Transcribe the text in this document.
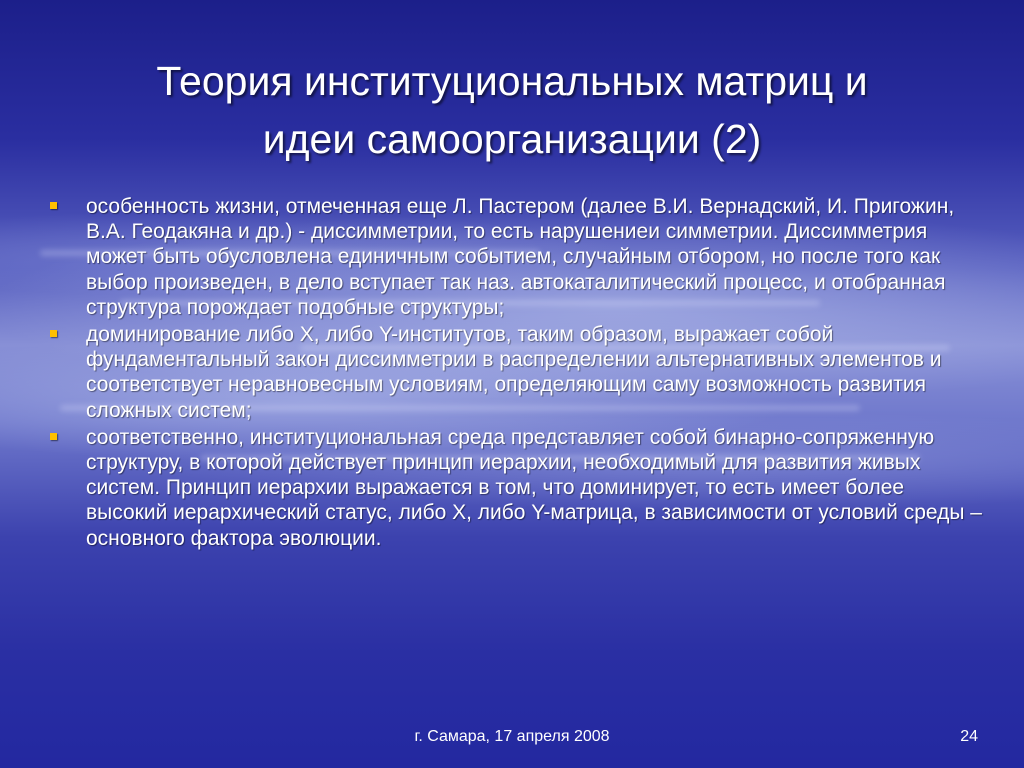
Теория институциональных матриц и
идеи самоорганизации (2)
особенность жизни, отмеченная еще Л. Пастером (далее В.И. Вернадский, И. Пригожин, В.А. Геодакяна и др.) - диссимметрии, то есть нарушениеи симметрии. Диссимметрия может быть обусловлена единичным событием, случайным отбором, но после того как выбор произведен, в дело вступает так наз. автокаталитический процесс, и отобранная структура порождает подобные структуры;
доминирование либо Х, либо Y-институтов, таким образом, выражает собой фундаментальный закон диссимметрии в распределении альтернативных элементов и соответствует неравновесным условиям, определяющим саму возможность развития сложных систем;
соответственно, институциональная среда представляет собой бинарно-сопряженную структуру, в которой действует принцип иерархии, необходимый для развития живых систем. Принцип иерархии выражается в том, что доминирует, то есть имеет более высокий иерархический статус, либо Х, либо Y-матрица, в зависимости от условий среды – основного фактора эволюции.
г. Самара, 17 апреля 2008	24
